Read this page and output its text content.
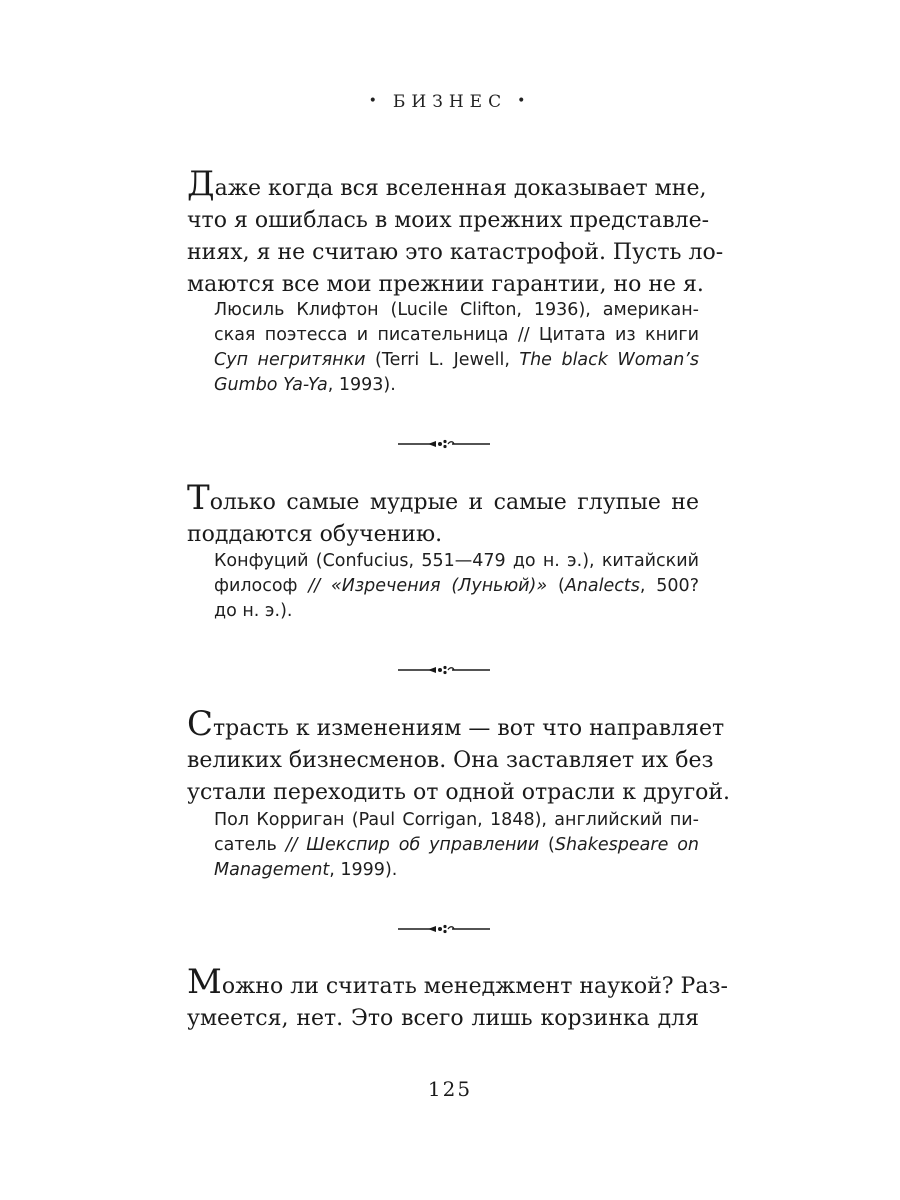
• БИЗНЕС •
Даже когда вся вселенная доказывает мне,
что я ошиблась в моих прежних представле-
ниях, я не считаю это катастрофой. Пусть ло-
маются все мои прежнии гарантии, но не я.
Люсиль Клифтон (Lucile Clifton, 1936), американ-
ская поэтесса и писательница // Цитата из книги
Суп негритянки (Terri L. Jewell, The black Woman’s
Gumbo Ya-Ya, 1993).
Только самые мудрые и самые глупые не
поддаются обучению.
Конфуций (Confucius, 551—479 до н. э.), китайский
философ // «Изречения (Луньюй)» (Analects, 500?
до н. э.).
Страсть к изменениям — вот что направляет
великих бизнесменов. Она заставляет их без
устали переходить от одной отрасли к другой.
Пол Корриган (Paul Corrigan, 1848), английский пи-
сатель // Шекспир об управлении (Shakespeare on
Management, 1999).
Можно ли считать менеджмент наукой? Раз-
умеется, нет. Это всего лишь корзинка для
125
